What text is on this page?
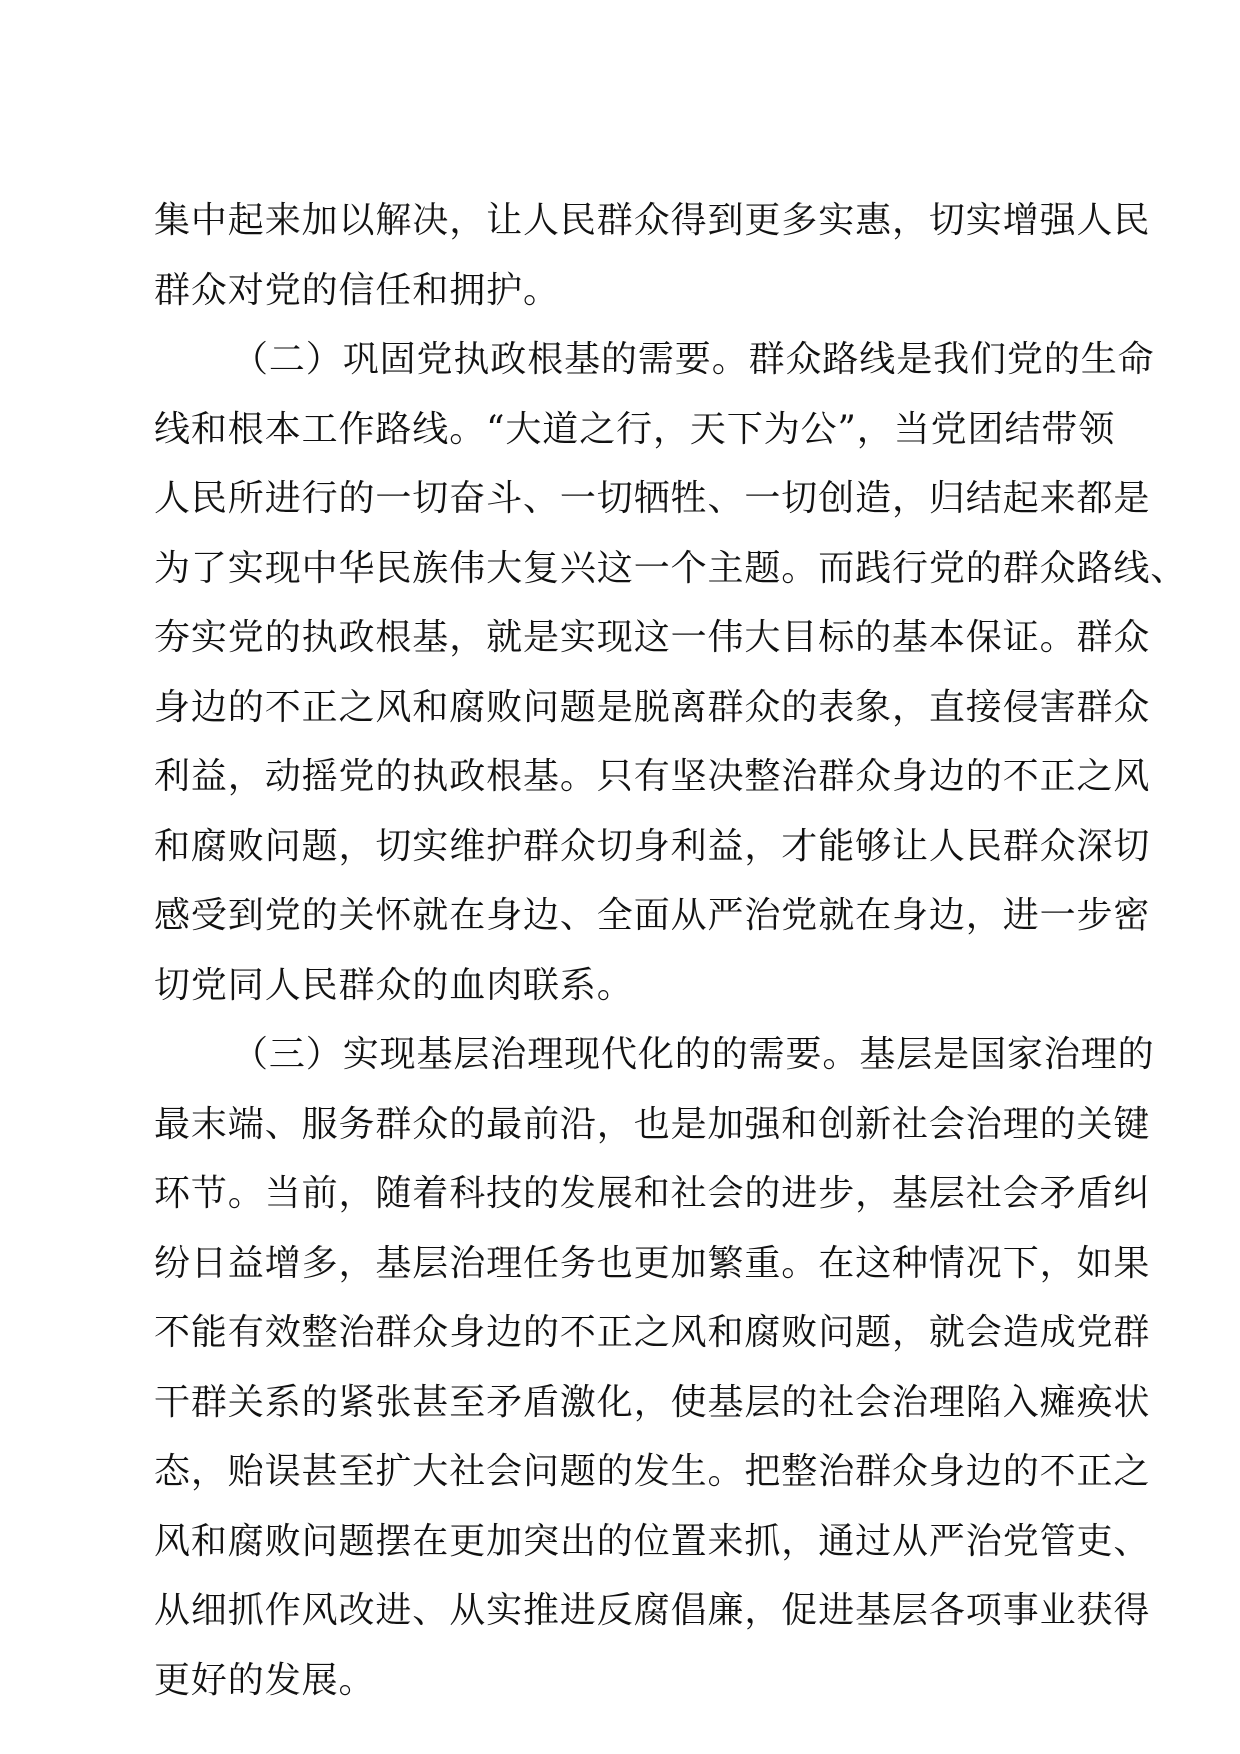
集中起来加以解决，让人民群众得到更多实惠，切实增强人民
群众对党的信任和拥护。
（二）巩固党执政根基的需要。群众路线是我们党的生命
线和根本工作路线。“大道之行，天下为公”，当党团结带领
人民所进行的一切奋斗、一切牺牲、一切创造，归结起来都是
为了实现中华民族伟大复兴这一个主题。而践行党的群众路线、
夯实党的执政根基，就是实现这一伟大目标的基本保证。群众
身边的不正之风和腐败问题是脱离群众的表象，直接侵害群众
利益，动摇党的执政根基。只有坚决整治群众身边的不正之风
和腐败问题，切实维护群众切身利益，才能够让人民群众深切
感受到党的关怀就在身边、全面从严治党就在身边，进一步密
切党同人民群众的血肉联系。
（三）实现基层治理现代化的的需要。基层是国家治理的
最末端、服务群众的最前沿，也是加强和创新社会治理的关键
环节。当前，随着科技的发展和社会的进步，基层社会矛盾纠
纷日益增多，基层治理任务也更加繁重。在这种情况下，如果
不能有效整治群众身边的不正之风和腐败问题，就会造成党群
干群关系的紧张甚至矛盾激化，使基层的社会治理陷入瘫痪状
态，贻误甚至扩大社会问题的发生。把整治群众身边的不正之
风和腐败问题摆在更加突出的位置来抓，通过从严治党管吏、
从细抓作风改进、从实推进反腐倡廉，促进基层各项事业获得
更好的发展。
